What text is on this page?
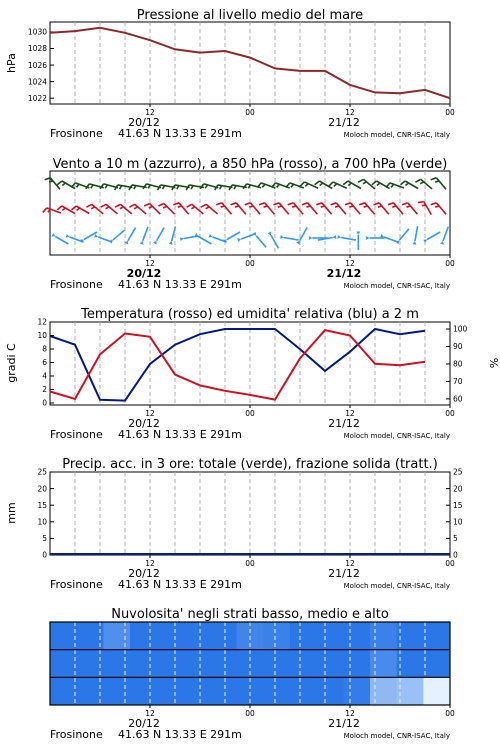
Pressione al livello medio del mare
1030
1028
1026
1024
1022
hPa
12	00	12	00
20/12	21/12
Frosinone 41.63 N 13.33 E 291m	Moloch model, CNR-ISAC, Italy
Vento a 10 m (azzurro), a 850 hPa (rosso), a 700 hPa (verde)
12	00	12	00
20/12	21/12
Frosinone 41.63 N 13.33 E 291m	Moloch model, CNR-ISAC, Italy
Temperatura (rosso) ed umidita' relativa (blu) a 2 m
12
10
8
6
4
2
0
100
90
80
70
60
gradi C	%
12	00	12	00
20/12	21/12
Frosinone 41.63 N 13.33 E 291m	Moloch model, CNR-ISAC, Italy
Precip. acc. in 3 ore: totale (verde), frazione solida (tratt.)
25
20
15
10
5
0
25
20
15
10
5
0
mm
12	00	12	00
20/12	21/12
Frosinone 41.63 N 13.33 E 291m	Moloch model, CNR-ISAC, Italy
Nuvolosita' negli strati basso, medio e alto
12	00	12	00
20/12	21/12
Frosinone 41.63 N 13.33 E 291m	Moloch model, CNR-ISAC, Italy
